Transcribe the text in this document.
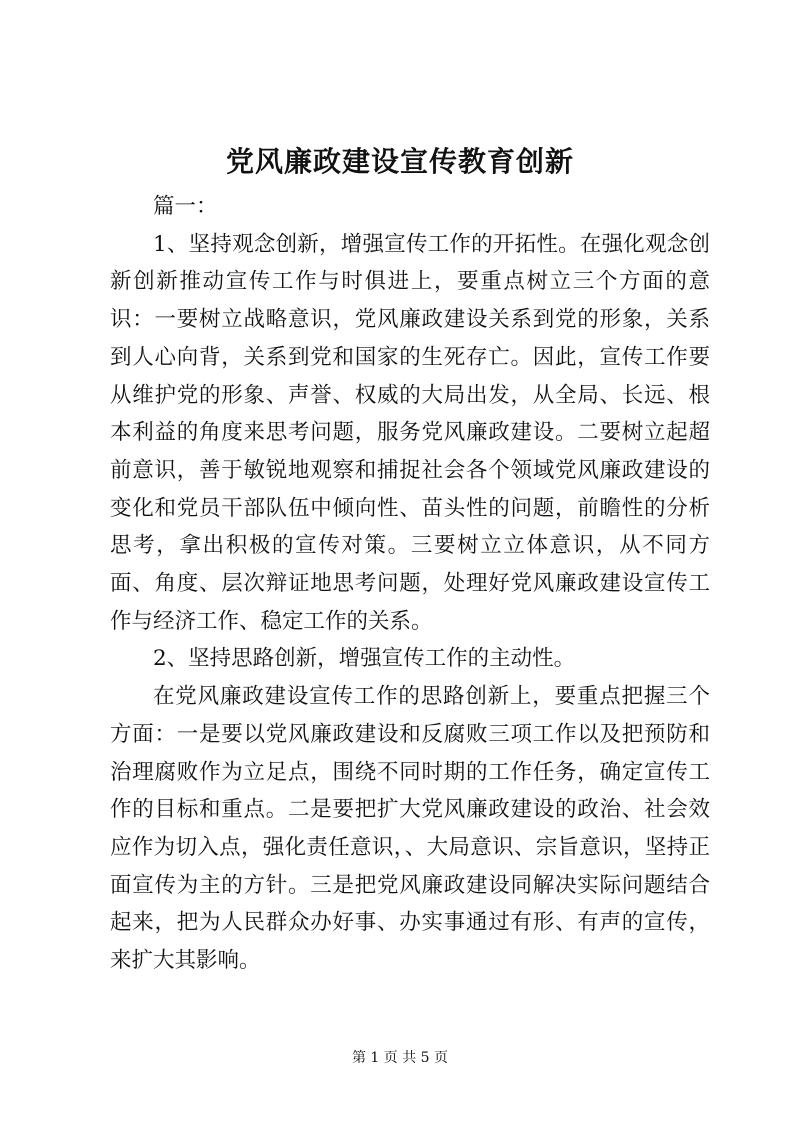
党风廉政建设宣传教育创新

篇一：

1、坚持观念创新，增强宣传工作的开拓性。在强化观念创新创新推动宣传工作与时俱进上，要重点树立三个方面的意识：一要树立战略意识，党风廉政建设关系到党的形象，关系到人心向背，关系到党和国家的生死存亡。因此，宣传工作要从维护党的形象、声誉、权威的大局出发，从全局、长远、根本利益的角度来思考问题，服务党风廉政建设。二要树立起超前意识，善于敏锐地观察和捕捉社会各个领域党风廉政建设的变化和党员干部队伍中倾向性、苗头性的问题，前瞻性的分析思考，拿出积极的宣传对策。三要树立立体意识，从不同方面、角度、层次辩证地思考问题，处理好党风廉政建设宣传工作与经济工作、稳定工作的关系。

2、坚持思路创新，增强宣传工作的主动性。

在党风廉政建设宣传工作的思路创新上，要重点把握三个方面：一是要以党风廉政建设和反腐败三项工作以及把预防和治理腐败作为立足点，围绕不同时期的工作任务，确定宣传工作的目标和重点。二是要把扩大党风廉政建设的政治、社会效应作为切入点，强化责任意识，、大局意识、宗旨意识，坚持正面宣传为主的方针。三是把党风廉政建设同解决实际问题结合起来，把为人民群众办好事、办实事通过有形、有声的宣传，来扩大其影响。

第 1 页 共 5 页
